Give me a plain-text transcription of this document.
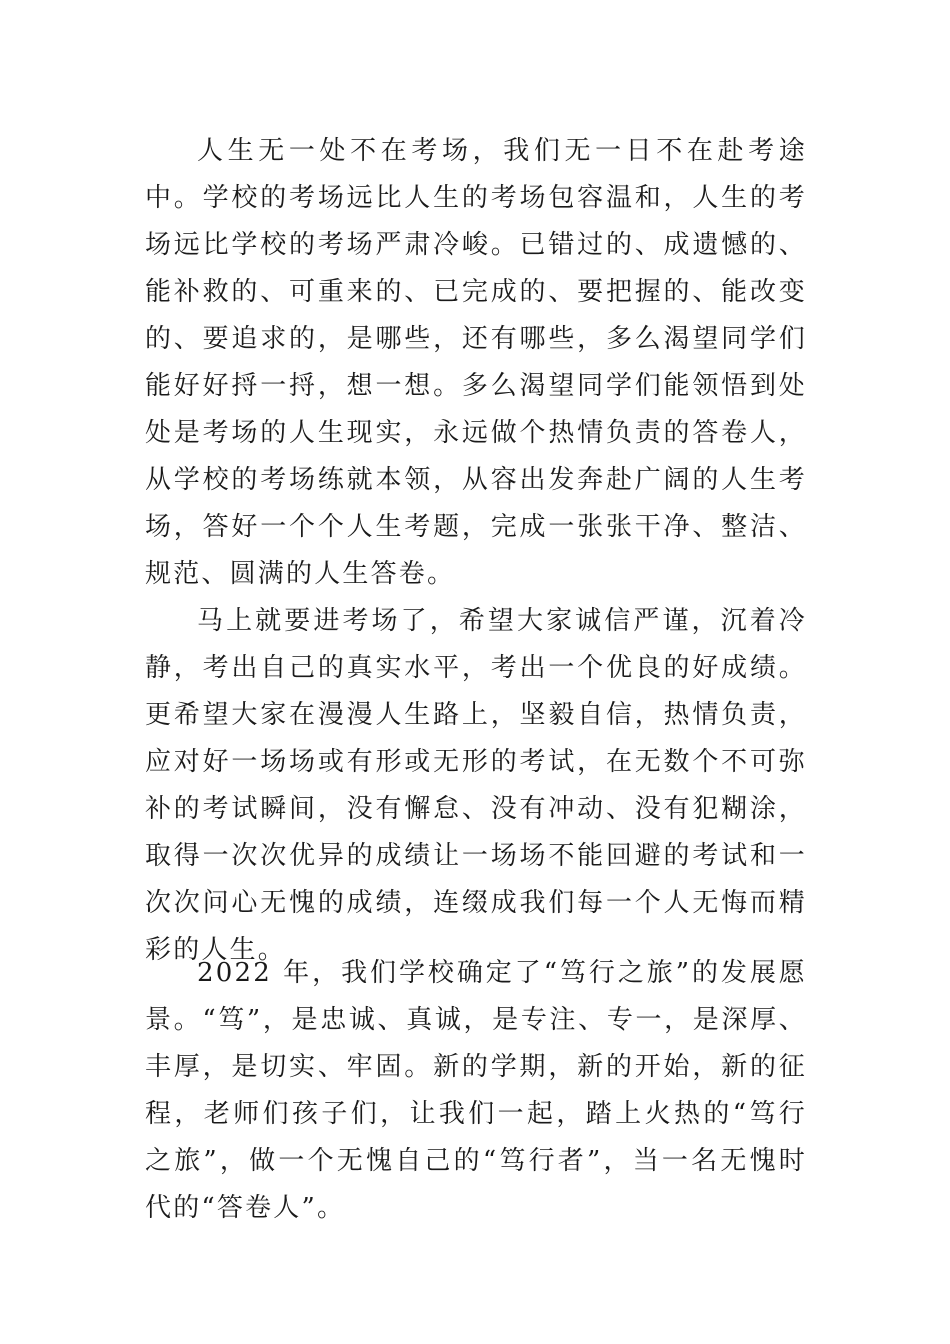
人生无一处不在考场，我们无一日不在赴考途中。学校的考场远比人生的考场包容温和，人生的考场远比学校的考场严肃冷峻。已错过的、成遗憾的、能补救的、可重来的、已完成的、要把握的、能改变的、要追求的，是哪些，还有哪些，多么渴望同学们能好好捋一捋，想一想。多么渴望同学们能领悟到处处是考场的人生现实，永远做个热情负责的答卷人，从学校的考场练就本领，从容出发奔赴广阔的人生考场，答好一个个人生考题，完成一张张干净、整洁、规范、圆满的人生答卷。

马上就要进考场了，希望大家诚信严谨，沉着冷静，考出自己的真实水平，考出一个优良的好成绩。更希望大家在漫漫人生路上，坚毅自信，热情负责，应对好一场场或有形或无形的考试，在无数个不可弥补的考试瞬间，没有懈怠、没有冲动、没有犯糊涂，取得一次次优异的成绩让一场场不能回避的考试和一次次问心无愧的成绩，连缀成我们每一个人无悔而精彩的人生。

2022 年，我们学校确定了“笃行之旅”的发展愿景。“笃”，是忠诚、真诚，是专注、专一，是深厚、丰厚，是切实、牢固。新的学期，新的开始，新的征程，老师们孩子们，让我们一起，踏上火热的“笃行之旅”，做一个无愧自己的“笃行者”，当一名无愧时代的“答卷人”。
